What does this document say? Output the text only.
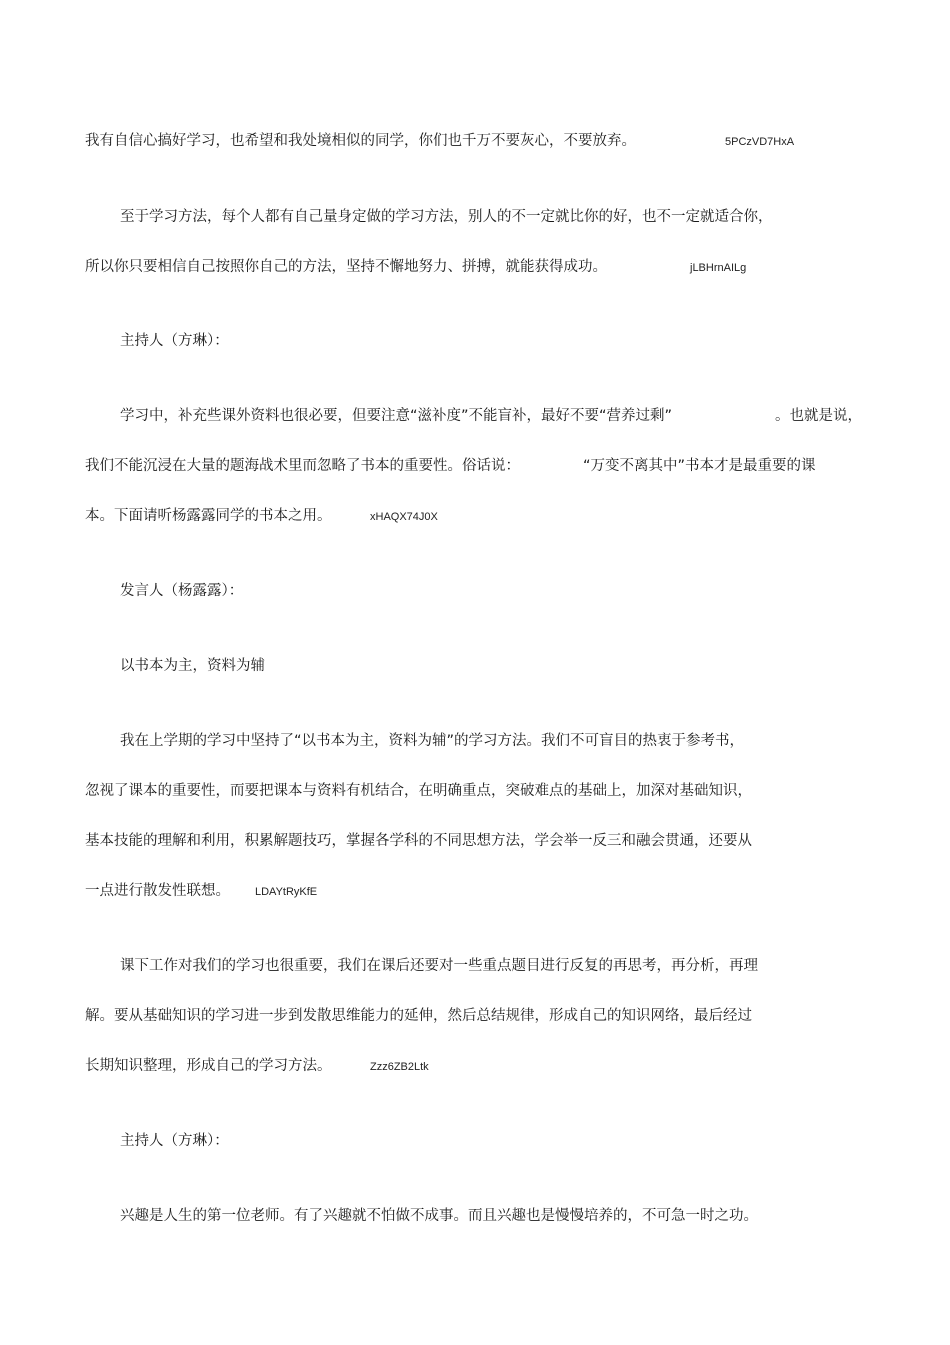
我有自信心搞好学习，也希望和我处境相似的同学，你们也千万不要灰心，不要放弃。	5PCzVD7HxA
至于学习方法，每个人都有自己量身定做的学习方法，别人的不一定就比你的好，也不一定就适合你，
所以你只要相信自己按照你自己的方法，坚持不懈地努力、拼搏，就能获得成功。	jLBHrnAILg
主持人（方琳）：
学习中，补充些课外资料也很必要，但要注意“滋补度”不能盲补，最好不要“营养过剩”	。也就是说，
我们不能沉浸在大量的题海战术里而忽略了书本的重要性。俗话说：	“万变不离其中”书本才是最重要的课
本。下面请听杨露露同学的书本之用。	xHAQX74J0X
发言人（杨露露）：
以书本为主，资料为辅
我在上学期的学习中坚持了“以书本为主，资料为辅”的学习方法。我们不可盲目的热衷于参考书，
忽视了课本的重要性，而要把课本与资料有机结合，在明确重点，突破难点的基础上，加深对基础知识，
基本技能的理解和利用，积累解题技巧，掌握各学科的不同思想方法，学会举一反三和融会贯通，还要从
一点进行散发性联想。 LDAYtRyKfE
课下工作对我们的学习也很重要，我们在课后还要对一些重点题目进行反复的再思考，再分析，再理
解。要从基础知识的学习进一步到发散思维能力的延伸，然后总结规律，形成自己的知识网络，最后经过
长期知识整理，形成自己的学习方法。	Zzz6ZB2Ltk
主持人（方琳）：
兴趣是人生的第一位老师。有了兴趣就不怕做不成事。而且兴趣也是慢慢培养的，不可急一时之功。
